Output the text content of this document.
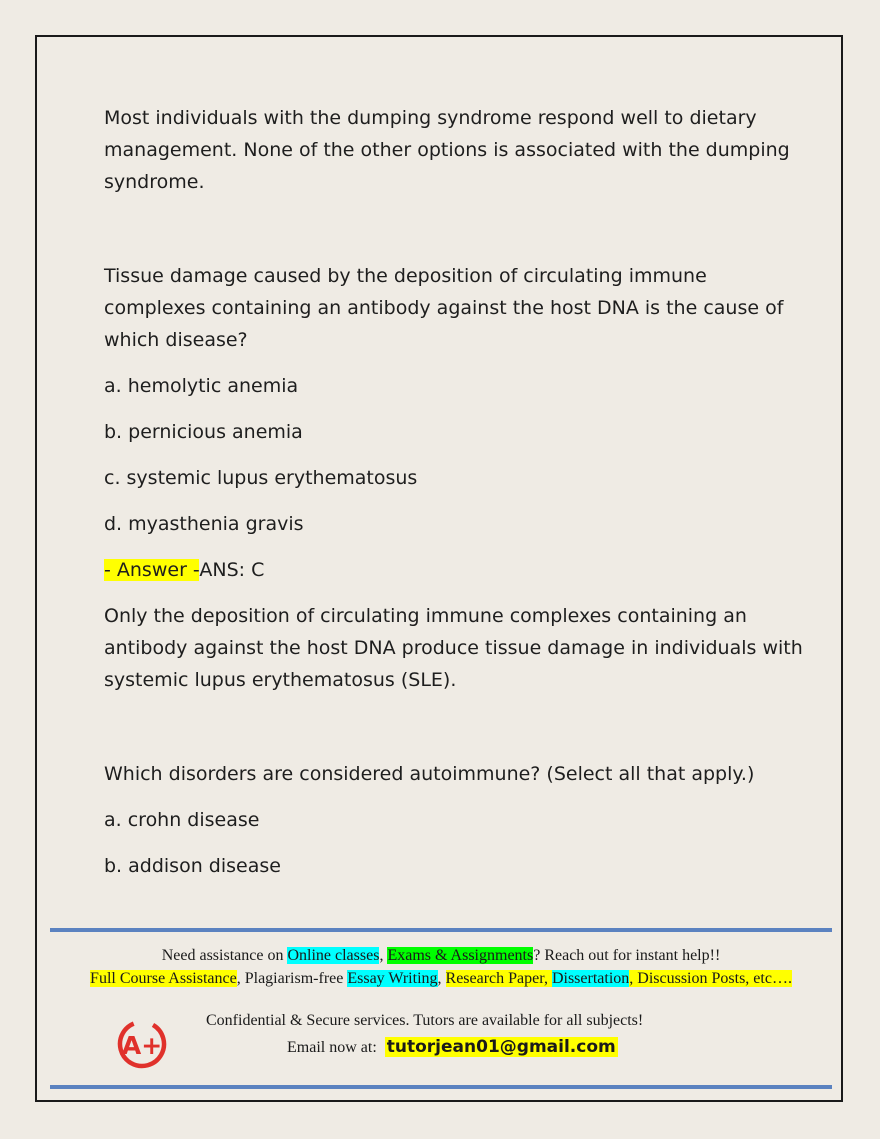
Most individuals with the dumping syndrome respond well to dietary management. None of the other options is associated with the dumping syndrome.

Tissue damage caused by the deposition of circulating immune complexes containing an antibody against the host DNA is the cause of which disease?

a. hemolytic anemia

b. pernicious anemia

c. systemic lupus erythematosus

d. myasthenia gravis

- Answer -ANS: C

Only the deposition of circulating immune complexes containing an antibody against the host DNA produce tissue damage in individuals with systemic lupus erythematosus (SLE).

Which disorders are considered autoimmune? (Select all that apply.)

a. crohn disease

b. addison disease

Need assistance on Online classes, Exams & Assignments? Reach out for instant help!!
Full Course Assistance, Plagiarism-free Essay Writing, Research Paper, Dissertation, Discussion Posts, etc….
A+
Confidential & Secure services. Tutors are available for all subjects!
Email now at: tutorjean01@gmail.com
